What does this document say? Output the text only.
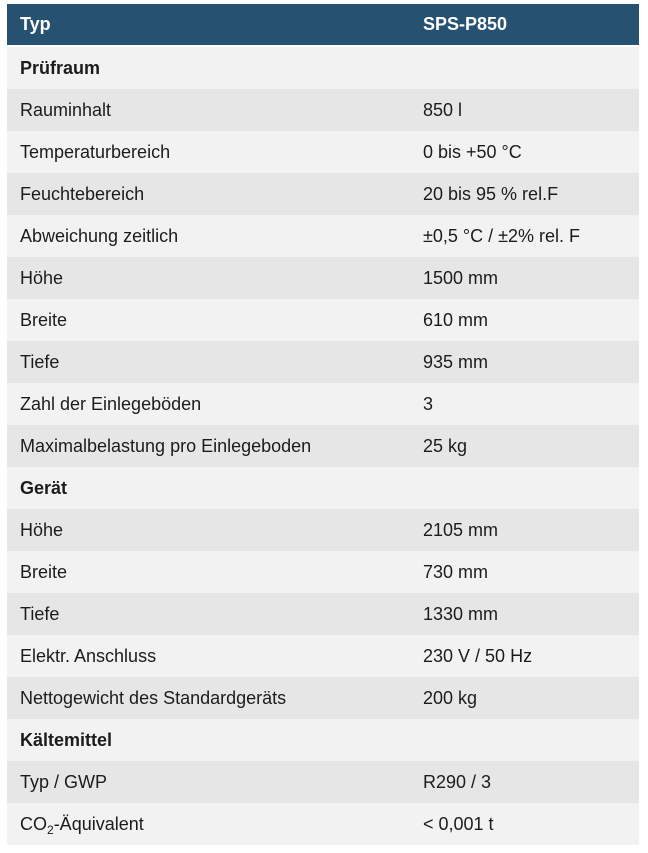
Typ	SPS-P850
Prüfraum	
Rauminhalt	850 l
Temperaturbereich	0 bis +50 °C
Feuchtebereich	20 bis 95 % rel.F
Abweichung zeitlich	±0,5 °C / ±2% rel. F
Höhe	1500 mm
Breite	610 mm
Tiefe	935 mm
Zahl der Einlegeböden	3
Maximalbelastung pro Einlegeboden	25 kg
Gerät	
Höhe	2105 mm
Breite	730 mm
Tiefe	1330 mm
Elektr. Anschluss	230 V / 50 Hz
Nettogewicht des Standardgeräts	200 kg
Kältemittel	
Typ / GWP	R290 / 3
$CO_2$-Äquivalent	< 0,001 t
